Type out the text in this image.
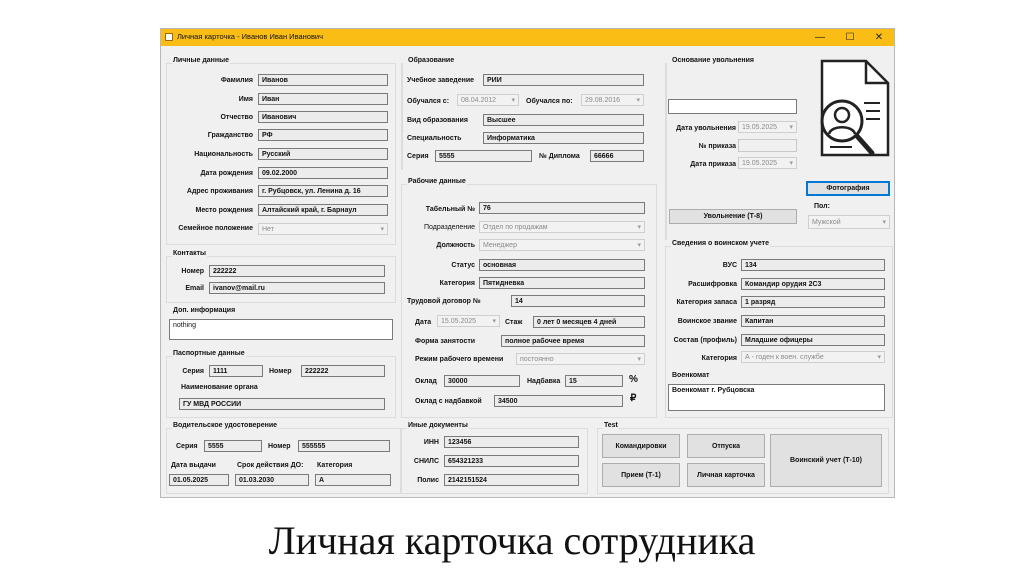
Личная карточка - Иванов Иван Иванович	—	☐	✕
Личные данные
Фамилия	Иванов
Имя	Иван
Отчество	Иванович
Гражданство	РФ
Национальность	Русский
Дата рождения	09.02.2000
Адрес проживания	г. Рубцовск, ул. Ленина д. 16
Место рождения	Алтайский край, г. Барнаул
Семейное положение	Нет	▾
Контакты
Номер	222222
Email	ivanov@mail.ru
Доп. информация
nothing
Паспортные данные
Серия	1111	Номер	222222
Наименование органа
ГУ МВД РОССИИ
Водительское удостоверение
Серия	5555	Номер	555555
Дата выдачи
01.05.2025
Срок действия ДО:
01.03.2030
Категория
A
Образование
Учебное заведение	РИИ
Обучался с:	08.04.2012 ▾ Обучался по:	29.08.2016 ▾
Вид образования	Высшее
Специальность	Информатика
Серия	5555	№ Диплома	66666
Рабочие данные
Табельный №	76
Подразделение	Отдел по продажам	▾
Должность	Менеджер	▾
Статус	основная
Категория	Пятидневка
Трудовой договор №	14
Дата	15.05.2025 ▾ Стаж	0 лет 0 месяцев 4 дней
Форма занятости	полное рабочее время
Режим рабочего времени	постоянно	▾
Оклад	30000	Надбавка	15	%
Оклад с надбавкой	34500	₽
Иные документы
ИНН	123456
СНИЛС	654321233
Полис	2142151524
Test
Командировки	Отпуска
Воинский учет (Т-10)
Прием (Т-1)	Личная карточка
Основание увольнения
Дата увольнения 19.05.2025 ▾
№ приказа
Дата приказа 19.05.2025 ▾
Увольнение (Т-8)
Фотография
Пол:
Мужской	▾
Сведения о воинском учете
ВУС	134
Расшифровка	Командир орудия 2С3
Категория запаса	1 разряд
Воинское звание	Капитан
Состав (профиль)	Младшие офицеры
Категория	А - годен к воен. службе	▾
Военкомат
Военкомат г. Рубцовска
Личная карточка сотрудника
